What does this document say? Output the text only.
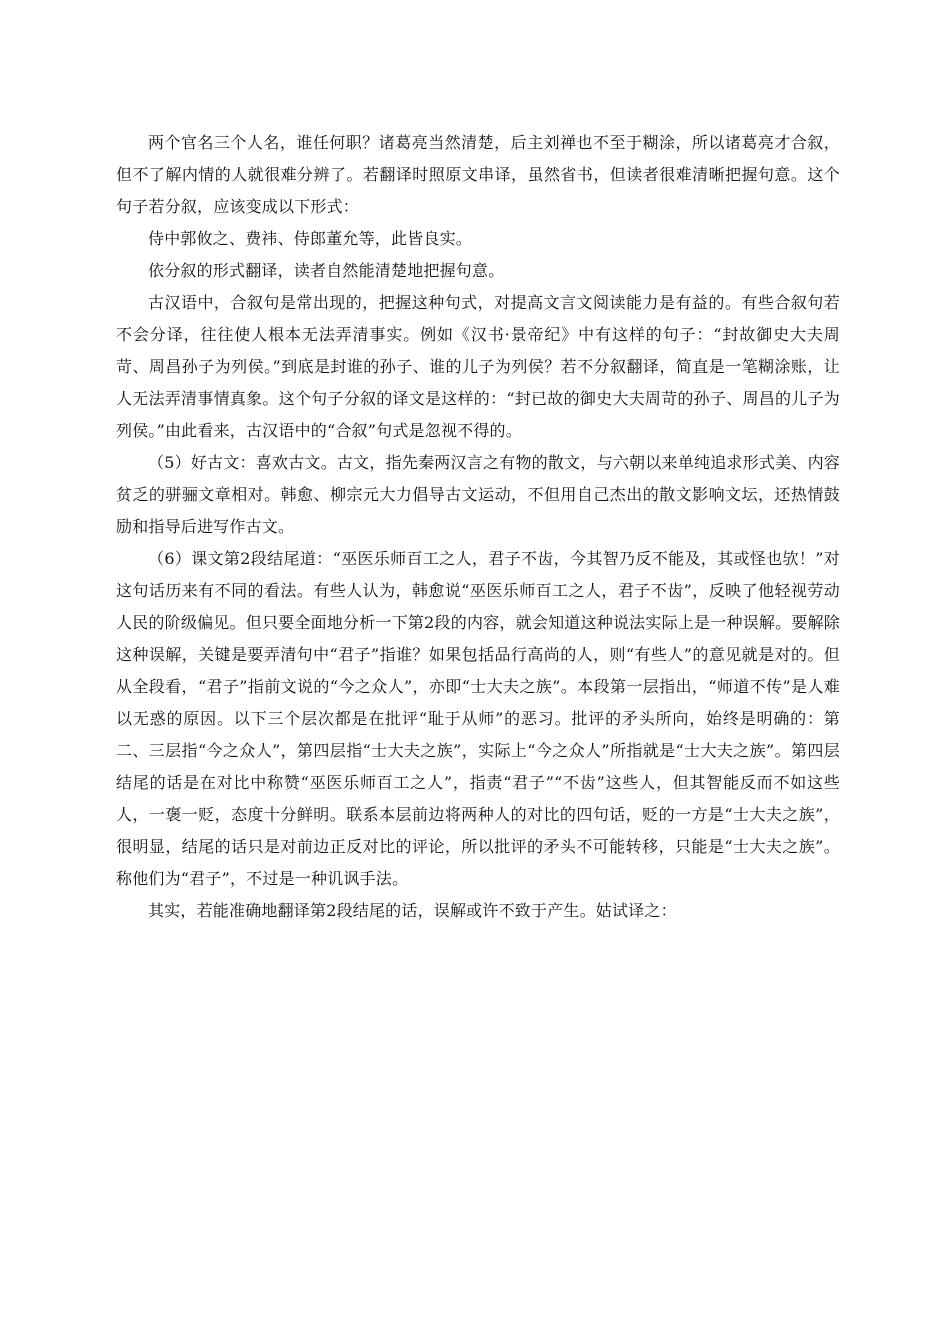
两个官名三个人名，谁任何职？诸葛亮当然清楚，后主刘禅也不至于糊涂，所以诸葛亮才合叙，但不了解内情的人就很难分辨了。若翻译时照原文串译，虽然省书，但读者很难清晰把握句意。这个句子若分叙，应该变成以下形式：

侍中郭攸之、费祎、侍郎董允等，此皆良实。

依分叙的形式翻译，读者自然能清楚地把握句意。

古汉语中，合叙句是常出现的，把握这种句式，对提高文言文阅读能力是有益的。有些合叙句若不会分译，往往使人根本无法弄清事实。例如《汉书·景帝纪》中有这样的句子：“封故御史大夫周苛、周昌孙子为列侯。”到底是封谁的孙子、谁的儿子为列侯？若不分叙翻译，简直是一笔糊涂账，让人无法弄清事情真象。这个句子分叙的译文是这样的：“封已故的御史大夫周苛的孙子、周昌的儿子为列侯。”由此看来，古汉语中的“合叙”句式是忽视不得的。

（5）好古文：喜欢古文。古文，指先秦两汉言之有物的散文，与六朝以来单纯追求形式美、内容贫乏的骈骊文章相对。韩愈、柳宗元大力倡导古文运动，不但用自己杰出的散文影响文坛，还热情鼓励和指导后进写作古文。

（6）课文第2段结尾道：“巫医乐师百工之人，君子不齿，今其智乃反不能及，其或怪也欤！”对这句话历来有不同的看法。有些人认为，韩愈说“巫医乐师百工之人，君子不齿”，反映了他轻视劳动人民的阶级偏见。但只要全面地分析一下第2段的内容，就会知道这种说法实际上是一种误解。要解除这种误解，关键是要弄清句中“君子”指谁？如果包括品行高尚的人，则“有些人”的意见就是对的。但从全段看，“君子”指前文说的“今之众人”，亦即“士大夫之族”。本段第一层指出，“师道不传”是人难以无惑的原因。以下三个层次都是在批评“耻于从师”的恶习。批评的矛头所向，始终是明确的：第二、三层指“今之众人”，第四层指“士大夫之族”，实际上“今之众人”所指就是“士大夫之族”。第四层结尾的话是在对比中称赞“巫医乐师百工之人”，指责“君子”“不齿”这些人，但其智能反而不如这些人，一褒一贬，态度十分鲜明。联系本层前边将两种人的对比的四句话，贬的一方是“士大夫之族”，很明显，结尾的话只是对前边正反对比的评论，所以批评的矛头不可能转移，只能是“士大夫之族”。称他们为“君子”，不过是一种讥讽手法。

其实，若能准确地翻译第2段结尾的话，误解或许不致于产生。姑试译之：
